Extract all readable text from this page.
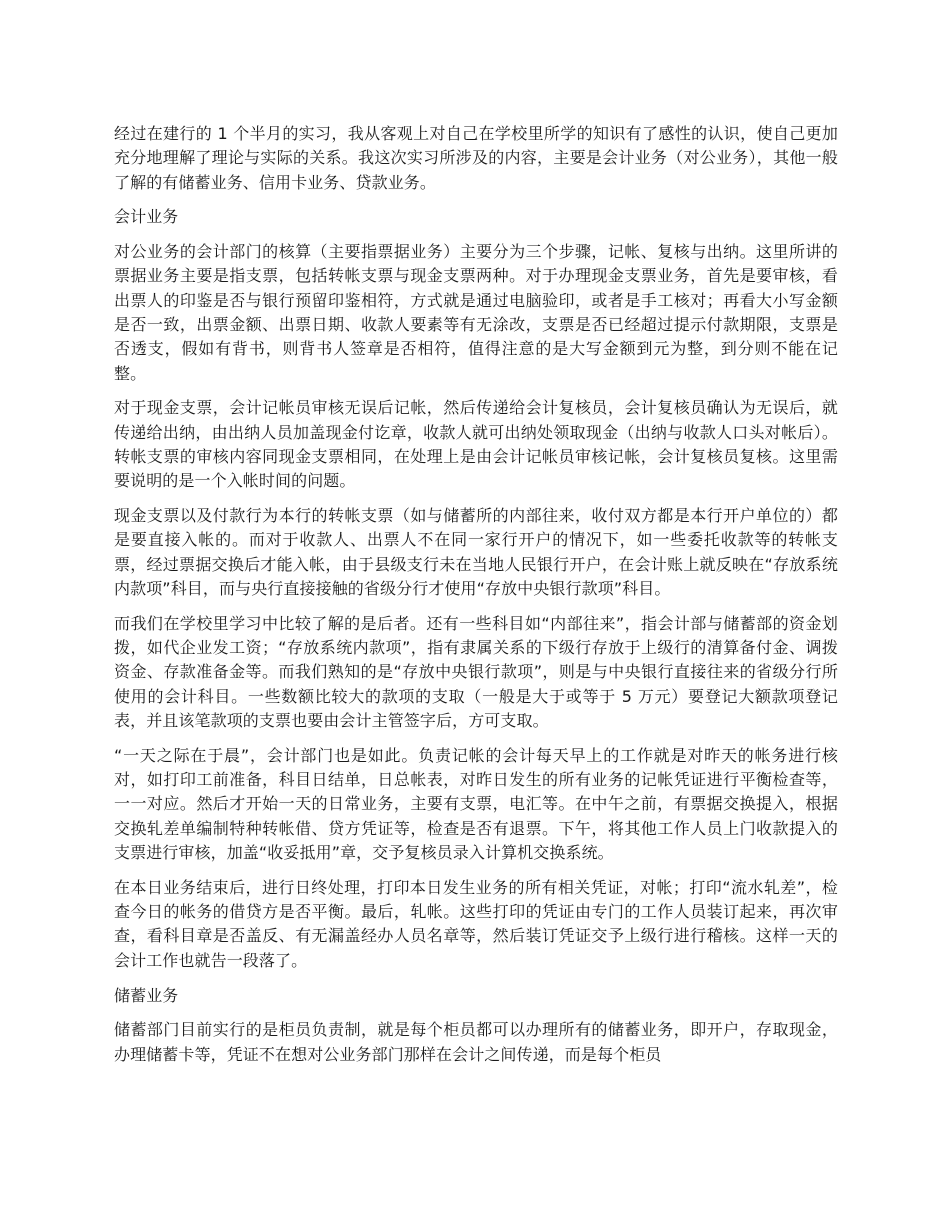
经过在建行的 1 个半月的实习，我从客观上对自己在学校里所学的知识有了感性的认识，使自己更加充分地理解了理论与实际的关系。我这次实习所涉及的内容，主要是会计业务（对公业务），其他一般了解的有储蓄业务、信用卡业务、贷款业务。

会计业务

对公业务的会计部门的核算（主要指票据业务）主要分为三个步骤，记帐、复核与出纳。这里所讲的票据业务主要是指支票，包括转帐支票与现金支票两种。对于办理现金支票业务，首先是要审核，看出票人的印鉴是否与银行预留印鉴相符，方式就是通过电脑验印，或者是手工核对；再看大小写金额是否一致，出票金额、出票日期、收款人要素等有无涂改，支票是否已经超过提示付款期限，支票是否透支，假如有背书，则背书人签章是否相符，值得注意的是大写金额到元为整，到分则不能在记整。

对于现金支票，会计记帐员审核无误后记帐，然后传递给会计复核员，会计复核员确认为无误后，就传递给出纳，由出纳人员加盖现金付讫章，收款人就可出纳处领取现金（出纳与收款人口头对帐后）。转帐支票的审核内容同现金支票相同，在处理上是由会计记帐员审核记帐，会计复核员复核。这里需要说明的是一个入帐时间的问题。

现金支票以及付款行为本行的转帐支票（如与储蓄所的内部往来，收付双方都是本行开户单位的）都是要直接入帐的。而对于收款人、出票人不在同一家行开户的情况下，如一些委托收款等的转帐支票，经过票据交换后才能入帐，由于县级支行未在当地人民银行开户，在会计账上就反映在“存放系统内款项”科目，而与央行直接接触的省级分行才使用“存放中央银行款项”科目。

而我们在学校里学习中比较了解的是后者。还有一些科目如“内部往来”，指会计部与储蓄部的资金划拨，如代企业发工资；“存放系统内款项”，指有隶属关系的下级行存放于上级行的清算备付金、调拨资金、存款准备金等。而我们熟知的是“存放中央银行款项”，则是与中央银行直接往来的省级分行所使用的会计科目。一些数额比较大的款项的支取（一般是大于或等于 5 万元）要登记大额款项登记表，并且该笔款项的支票也要由会计主管签字后，方可支取。

“一天之际在于晨”，会计部门也是如此。负责记帐的会计每天早上的工作就是对昨天的帐务进行核对，如打印工前准备，科目日结单，日总帐表，对昨日发生的所有业务的记帐凭证进行平衡检查等，一一对应。然后才开始一天的日常业务，主要有支票，电汇等。在中午之前，有票据交换提入，根据交换轧差单编制特种转帐借、贷方凭证等，检查是否有退票。下午，将其他工作人员上门收款提入的支票进行审核，加盖“收妥抵用”章，交予复核员录入计算机交换系统。

在本日业务结束后，进行日终处理，打印本日发生业务的所有相关凭证，对帐；打印“流水轧差”，检查今日的帐务的借贷方是否平衡。最后，轧帐。这些打印的凭证由专门的工作人员装订起来，再次审查，看科目章是否盖反、有无漏盖经办人员名章等，然后装订凭证交予上级行进行稽核。这样一天的会计工作也就告一段落了。

储蓄业务

储蓄部门目前实行的是柜员负责制，就是每个柜员都可以办理所有的储蓄业务，即开户，存取现金，办理储蓄卡等，凭证不在想对公业务部门那样在会计之间传递，而是每个柜员
